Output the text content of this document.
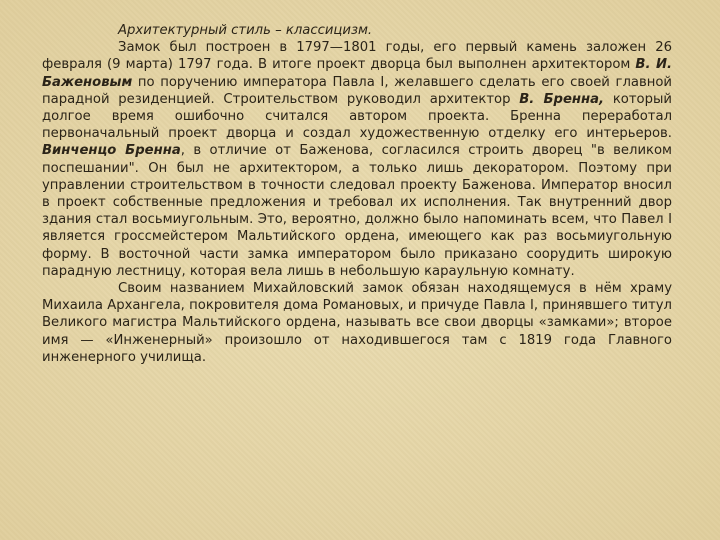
Архитектурный стиль – классицизм.

Замок был построен в 1797—1801 годы, его первый камень заложен 26 февраля (9 марта) 1797 года. В итоге проект дворца был выполнен архитектором В. И. Баженовым по поручению императора Павла I, желавшего сделать его своей главной парадной резиденцией. Строительством руководил архитектор В. Бренна, который долгое время ошибочно считался автором проекта. Бренна переработал первоначальный проект дворца и создал художественную отделку его интерьеров. Винченцо Бренна, в отличие от Баженова, согласился строить дворец "в великом поспешании". Он был не архитектором, а только лишь декоратором. Поэтому при управлении строительством в точности следовал проекту Баженова. Император вносил в проект собственные предложения и требовал их исполнения. Так внутренний двор здания стал восьмиугольным. Это, вероятно, должно было напоминать всем, что Павел I является гроссмейстером Мальтийского ордена, имеющего как раз восьмиугольную форму. В восточной части замка императором было приказано соорудить широкую парадную лестницу, которая вела лишь в небольшую караульную комнату.

Своим названием Михайловский замок обязан находящемуся в нём храму Михаила Архангела, покровителя дома Романовых, и причуде Павла I, принявшего титул Великого магистра Мальтийского ордена, называть все свои дворцы «замками»; второе имя — «Инженерный» произошло от находившегося там с 1819 года Главного инженерного училища.
